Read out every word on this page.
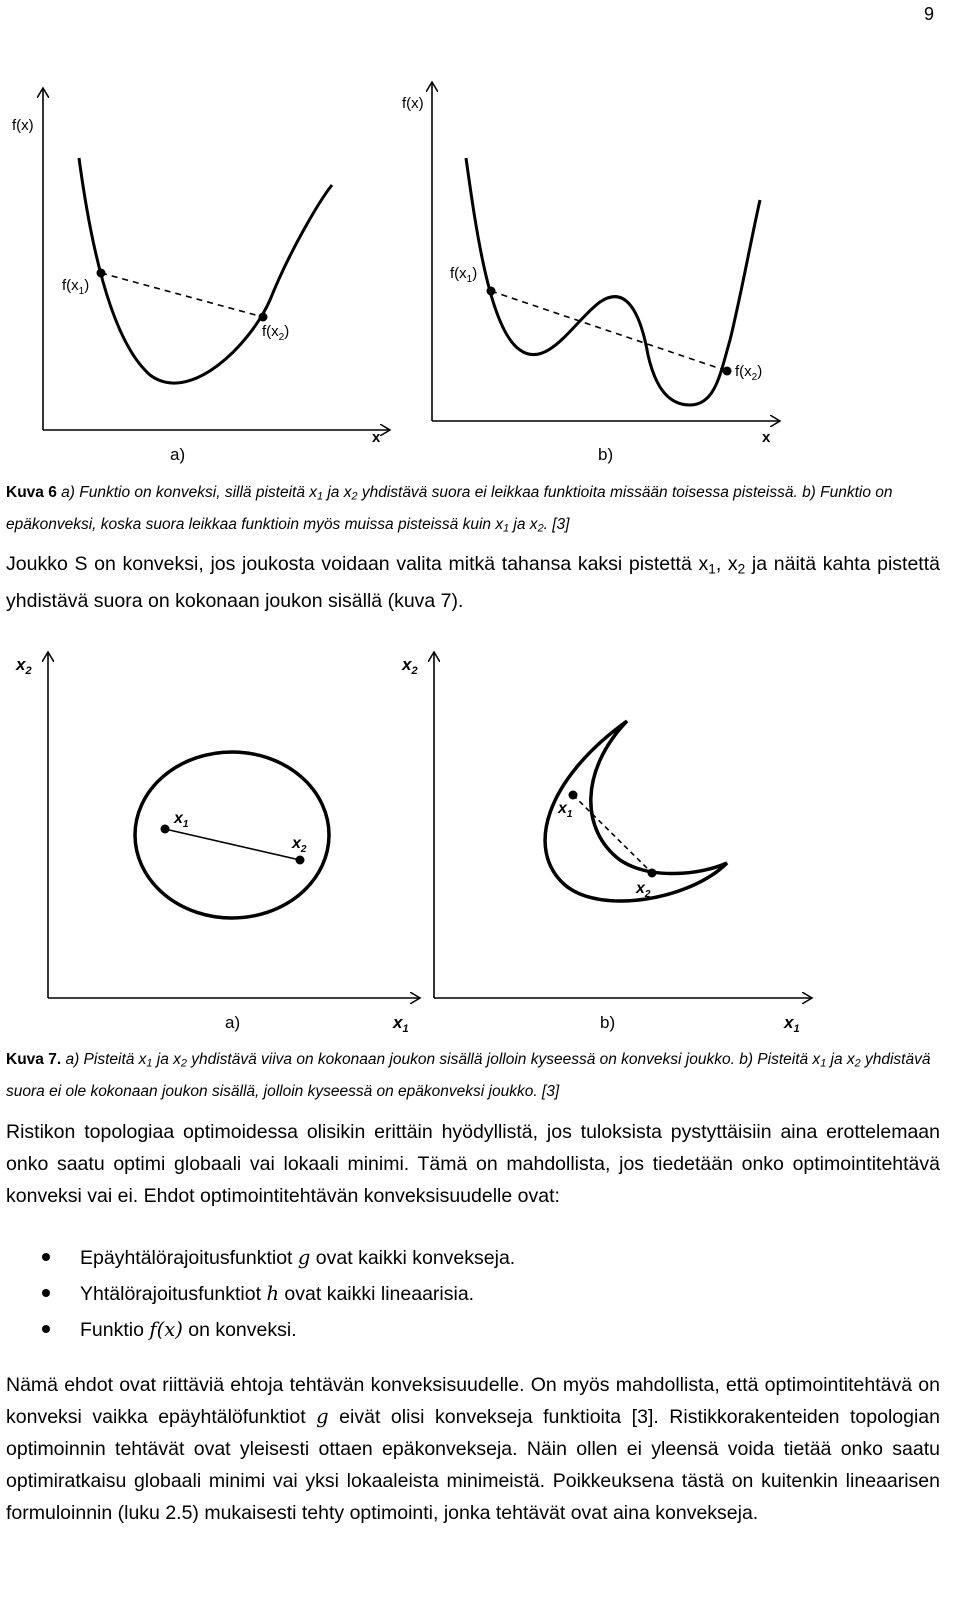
9
f(x)
x
$f(x_1)$
$f(x_2)$
a)
f(x)
x
$f(x_1)$
$f(x_2)$
b)
Kuva 6 a) Funktio on konveksi, sillä pisteitä $x_1$ ja $x_2$ yhdistävä suora ei leikkaa funktioita missään toisessa pisteissä. b) Funktio on epäkonveksi, koska suora leikkaa funktioin myös muissa pisteissä kuin $x_1$ ja $x_2$. [3]
Joukko S on konveksi, jos joukosta voidaan valita mitkä tahansa kaksi pistettä $x_1$, $x_2$ ja näitä kahta pistettä yhdistävä suora on kokonaan joukon sisällä (kuva 7).
$x_2$
$x_1$
$x_1$
$x_2$
a)
$x_2$
$x_1$
$x_1$
$x_2$
b)
Kuva 7. a) Pisteitä $x_1$ ja $x_2$ yhdistävä viiva on kokonaan joukon sisällä jolloin kyseessä on konveksi joukko. b) Pisteitä $x_1$ ja $x_2$ yhdistävä suora ei ole kokonaan joukon sisällä, jolloin kyseessä on epäkonveksi joukko. [3]
Ristikon topologiaa optimoidessa olisikin erittäin hyödyllistä, jos tuloksista pystyttäisiin aina erottelemaan onko saatu optimi globaali vai lokaali minimi. Tämä on mahdollista, jos tiedetään onko optimointitehtävä konveksi vai ei. Ehdot optimointitehtävän konveksisuudelle ovat:
Epäyhtälörajoitusfunktiot g ovat kaikki konvekseja.
Yhtälörajoitusfunktiot h ovat kaikki lineaarisia.
Funktio f(x) on konveksi.
Nämä ehdot ovat riittäviä ehtoja tehtävän konveksisuudelle. On myös mahdollista, että optimointitehtävä on konveksi vaikka epäyhtälöfunktiot g eivät olisi konvekseja funktioita [3]. Ristikkorakenteiden topologian optimoinnin tehtävät ovat yleisesti ottaen epäkonvekseja. Näin ollen ei yleensä voida tietää onko saatu optimiratkaisu globaali minimi vai yksi lokaaleista minimeistä. Poikkeuksena tästä on kuitenkin lineaarisen formuloinnin (luku 2.5) mukaisesti tehty optimointi, jonka tehtävät ovat aina konvekseja.
